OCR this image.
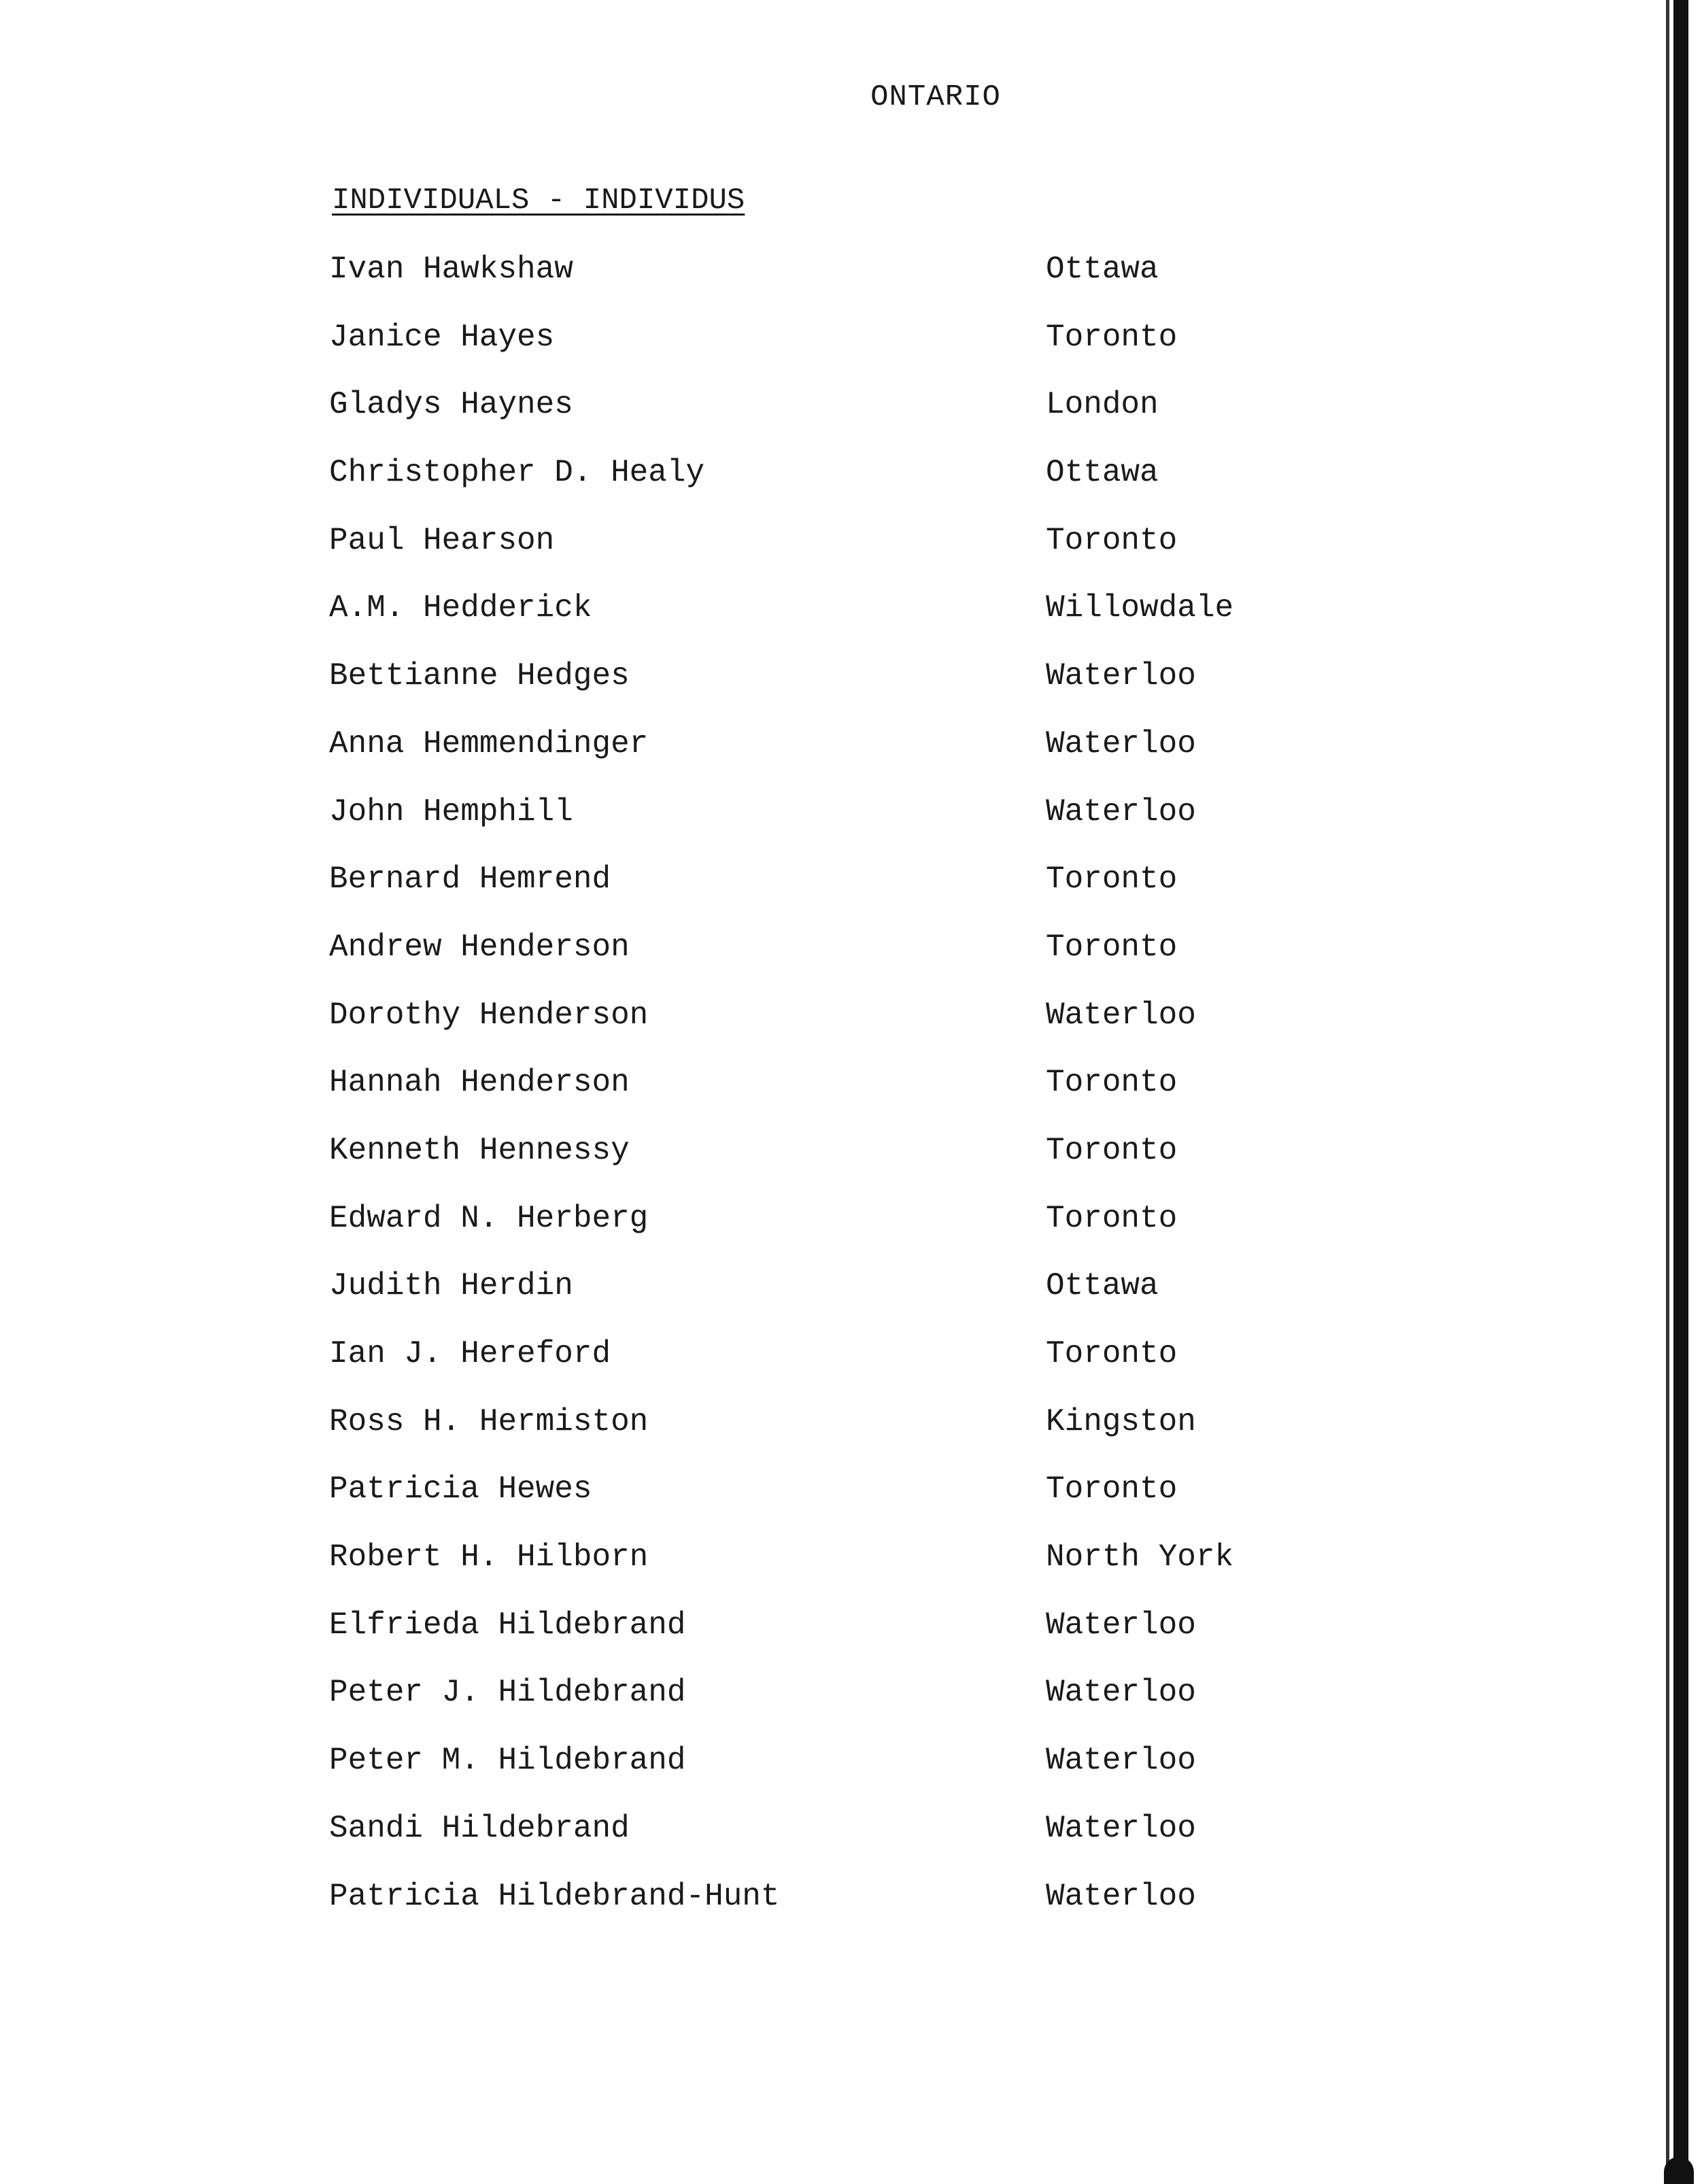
ONTARIO
INDIVIDUALS - INDIVIDUS
Ivan Hawkshaw	Ottawa
Janice Hayes	Toronto
Gladys Haynes	London
Christopher D. Healy	Ottawa
Paul Hearson	Toronto
A.M. Hedderick	Willowdale
Bettianne Hedges	Waterloo
Anna Hemmendinger	Waterloo
John Hemphill	Waterloo
Bernard Hemrend	Toronto
Andrew Henderson	Toronto
Dorothy Henderson	Waterloo
Hannah Henderson	Toronto
Kenneth Hennessy	Toronto
Edward N. Herberg	Toronto
Judith Herdin	Ottawa
Ian J. Hereford	Toronto
Ross H. Hermiston	Kingston
Patricia Hewes	Toronto
Robert H. Hilborn	North York
Elfrieda Hildebrand	Waterloo
Peter J. Hildebrand	Waterloo
Peter M. Hildebrand	Waterloo
Sandi Hildebrand	Waterloo
Patricia Hildebrand-Hunt	Waterloo
